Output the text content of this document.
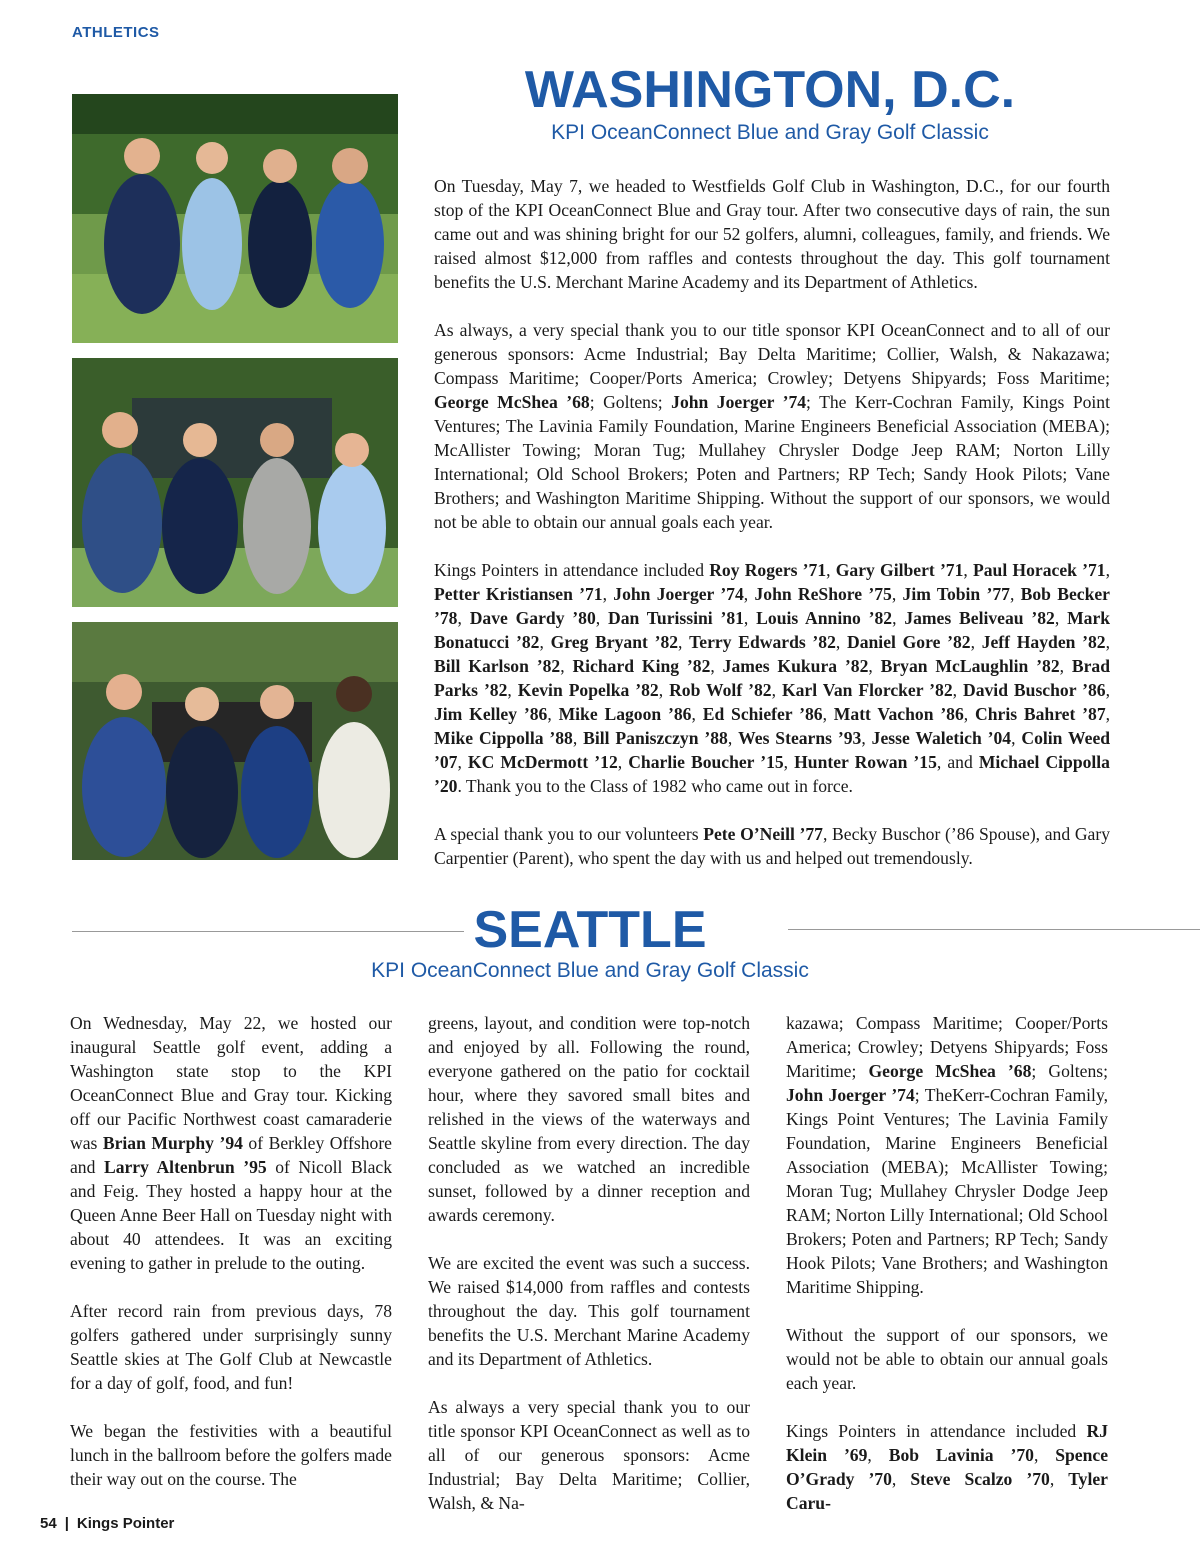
ATHLETICS
WASHINGTON, D.C.
KPI OceanConnect Blue and Gray Golf Classic

On Tuesday, May 7, we headed to Westfields Golf Club in Washington, D.C., for our fourth stop of the KPI OceanConnect Blue and Gray tour. After two consecutive days of rain, the sun came out and was shining bright for our 52 golfers, alumni, colleagues, family, and friends. We raised almost $12,000 from raffles and contests throughout the day. This golf tournament benefits the U.S. Merchant Marine Academy and its Department of Athletics.

As always, a very special thank you to our title sponsor KPI OceanConnect and to all of our generous sponsors: Acme Industrial; Bay Delta Maritime; Collier, Walsh, & Nakazawa; Compass Maritime; Cooper/Ports America; Crowley; Detyens Shipyards; Foss Maritime; George McShea ’68; Goltens; John Joerger ’74; The Kerr-Cochran Family, Kings Point Ventures; The Lavinia Family Foundation, Marine Engineers Beneficial Association (MEBA); McAllister Towing; Moran Tug; Mullahey Chrysler Dodge Jeep RAM; Norton Lilly International; Old School Brokers; Poten and Partners; RP Tech; Sandy Hook Pilots; Vane Brothers; and Washington Maritime Shipping. Without the support of our sponsors, we would not be able to obtain our annual goals each year.

Kings Pointers in attendance included Roy Rogers ’71, Gary Gilbert ’71, Paul Horacek ’71, Petter Kristiansen ’71, John Joerger ’74, John ReShore ’75, Jim Tobin ’77, Bob Becker ’78, Dave Gardy ’80, Dan Turissini ’81, Louis Annino ’82, James Beliveau ’82, Mark Bonatucci ’82, Greg Bryant ’82, Terry Edwards ’82, Daniel Gore ’82, Jeff Hayden ’82, Bill Karlson ’82, Richard King ’82, James Kukura ’82, Bryan McLaughlin ’82, Brad Parks ’82, Kevin Popelka ’82, Rob Wolf ’82, Karl Van Florcker ’82, David Buschor ’86, Jim Kelley ’86, Mike Lagoon ’86, Ed Schiefer ’86, Matt Vachon ’86, Chris Bahret ’87, Mike Cippolla ’88, Bill Paniszczyn ’88, Wes Stearns ’93, Jesse Waletich ’04, Colin Weed ’07, KC McDermott ’12, Charlie Boucher ’15, Hunter Rowan ’15, and Michael Cippolla ’20. Thank you to the Class of 1982 who came out in force.

A special thank you to our volunteers Pete O’Neill ’77, Becky Buschor (’86 Spouse), and Gary Carpentier (Parent), who spent the day with us and helped out tremendously.

SEATTLE
KPI OceanConnect Blue and Gray Golf Classic

On Wednesday, May 22, we hosted our inaugural Seattle golf event, adding a Washington state stop to the KPI OceanConnect Blue and Gray tour. Kicking off our Pacific Northwest coast camaraderie was Brian Murphy ’94 of Berkley Offshore and Larry Altenbrun ’95 of Nicoll Black and Feig. They hosted a happy hour at the Queen Anne Beer Hall on Tuesday night with about 40 attendees. It was an exciting evening to gather in prelude to the outing.

After record rain from previous days, 78 golfers gathered under surprisingly sunny Seattle skies at The Golf Club at Newcastle for a day of golf, food, and fun!

We began the festivities with a beautiful lunch in the ballroom before the golfers made their way out on the course. The

greens, layout, and condition were top-notch and enjoyed by all. Following the round, everyone gathered on the patio for cocktail hour, where they savored small bites and relished in the views of the waterways and Seattle skyline from every direction. The day concluded as we watched an incredible sunset, followed by a dinner reception and awards ceremony.

We are excited the event was such a success. We raised $14,000 from raffles and contests throughout the day. This golf tournament benefits the U.S. Merchant Marine Academy and its Department of Athletics.

As always a very special thank you to our title sponsor KPI OceanConnect as well as to all of our generous sponsors: Acme Industrial; Bay Delta Maritime; Collier, Walsh, & Na-

kazawa; Compass Maritime; Cooper/Ports America; Crowley; Detyens Shipyards; Foss Maritime; George McShea ’68; Goltens; John Joerger ’74; TheKerr-Cochran Family, Kings Point Ventures; The Lavinia Family Foundation, Marine Engineers Beneficial Association (MEBA); McAllister Towing; Moran Tug; Mullahey Chrysler Dodge Jeep RAM; Norton Lilly International; Old School Brokers; Poten and Partners; RP Tech; Sandy Hook Pilots; Vane Brothers; and Washington Maritime Shipping.

Without the support of our sponsors, we would not be able to obtain our annual goals each year.

Kings Pointers in attendance included RJ Klein ’69, Bob Lavinia ’70, Spence O’Grady ’70, Steve Scalzo ’70, Tyler Caru-

54 | Kings Pointer
